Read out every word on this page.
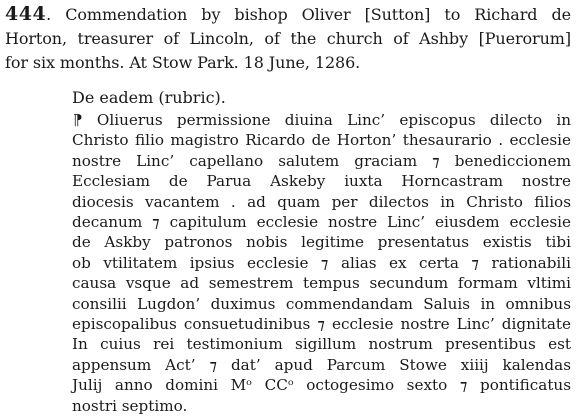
444. Commendation by bishop Oliver [Sutton] to Richard de
Horton, treasurer of Lincoln, of the church of Ashby [Puerorum]
for six months. At Stow Park. 18 June, 1286.
De eadem (rubric).
⁋ Oliuerus permissione diuina Linc’ episcopus dilecto in
Christo filio magistro Ricardo de Horton’ thesaurario . ecclesie
nostre Linc’ capellano salutem graciam ⁊ benediccionem
Ecclesiam de Parua Askeby iuxta Horncastram nostre
diocesis vacantem . ad quam per dilectos in Christo filios
decanum ⁊ capitulum ecclesie nostre Linc’ eiusdem ecclesie
de Askby patronos nobis legitime presentatus existis tibi
ob vtilitatem ipsius ecclesie ⁊ alias ex certa ⁊ rationabili
causa vsque ad semestrem tempus secundum formam vltimi
consilii Lugdon’ duximus commendandam Saluis in omnibus
episcopalibus consuetudinibus ⁊ ecclesie nostre Linc’ dignitate
In cuius rei testimonium sigillum nostrum presentibus est
appensum Act’ ⁊ dat’ apud Parcum Stowe xiiij kalendas
Julij anno domini Mᵒ CCᵒ octogesimo sexto ⁊ pontificatus
nostri septimo.
